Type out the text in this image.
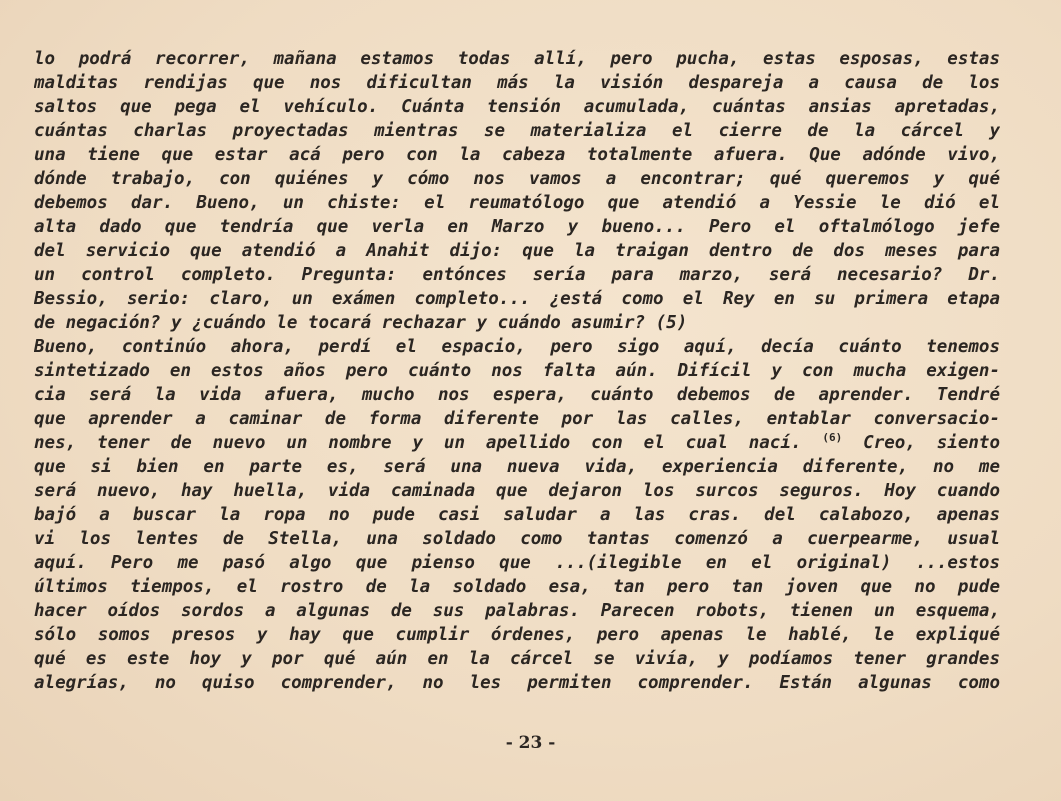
lo podrá recorrer, mañana estamos todas allí, pero pucha, estas esposas, estas
malditas rendijas que nos dificultan más la visión despareja a causa de los
saltos que pega el vehículo. Cuánta tensión acumulada, cuántas ansias apretadas,
cuántas charlas proyectadas mientras se materializa el cierre de la cárcel y
una tiene que estar acá pero con la cabeza totalmente afuera. Que adónde vivo,
dónde trabajo, con quiénes y cómo nos vamos a encontrar; qué queremos y qué
debemos dar. Bueno, un chiste: el reumatólogo que atendió a Yessie le dió el
alta dado que tendría que verla en Marzo y bueno... Pero el oftalmólogo jefe
del servicio que atendió a Anahit dijo: que la traigan dentro de dos meses para
un control completo. Pregunta: entónces sería para marzo, será necesario? Dr.
Bessio, serio: claro, un exámen completo... ¿está como el Rey en su primera etapa
de negación? y ¿cuándo le tocará rechazar y cuándo asumir? (5)
Bueno, continúo ahora, perdí el espacio, pero sigo aquí, decía cuánto tenemos
sintetizado en estos años pero cuánto nos falta aún. Difícil y con mucha exigen-
cia será la vida afuera, mucho nos espera, cuánto debemos de aprender. Tendré
que aprender a caminar de forma diferente por las calles, entablar conversacio-
nes, tener de nuevo un nombre y un apellido con el cual nací. $^{(6)}$ Creo, siento
que si bien en parte es, será una nueva vida, experiencia diferente, no me
será nuevo, hay huella, vida caminada que dejaron los surcos seguros. Hoy cuando
bajó a buscar la ropa no pude casi saludar a las cras. del calabozo, apenas
vi los lentes de Stella, una soldado como tantas comenzó a cuerpearme, usual
aquí. Pero me pasó algo que pienso que ...(ilegible en el original) ...estos
últimos tiempos, el rostro de la soldado esa, tan pero tan joven que no pude
hacer oídos sordos a algunas de sus palabras. Parecen robots, tienen un esquema,
sólo somos presos y hay que cumplir órdenes, pero apenas le hablé, le expliqué
qué es este hoy y por qué aún en la cárcel se vivía, y podíamos tener grandes
alegrías, no quiso comprender, no les permiten comprender. Están algunas como
- 23 -
